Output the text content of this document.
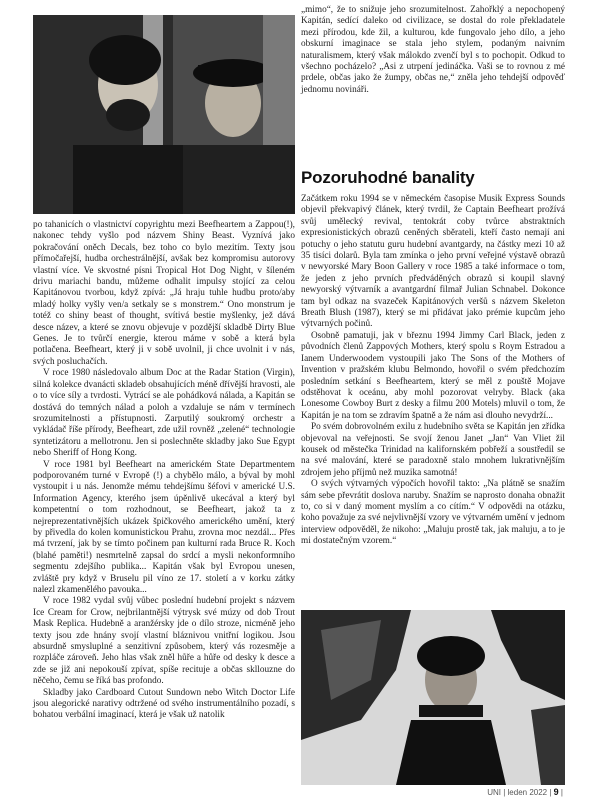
po tahanicích o vlastnictví copyrightu mezi Beefheartem a Zappou(!), nakonec tehdy vyšlo pod názvem Shiny Beast. Vyznívá jako pokračování oněch Decals, bez toho co bylo mezitím. Texty jsou přímočařejší, hudba orchestrálnější, avšak bez kompromisu autorovy vlastní více. Ve skvostné písni Tropical Hot Dog Night, v šíleném drivu mariachi bandu, můžeme odhalit impulsy stojící za celou Kapitánovou tvorbou, když zpívá: „Já hraju tuhle hudbu proto/aby mladý holky vyšly ven/a setkaly se s monstrem.“ Ono monstrum je totéž co shiny beast of thought, svítivá bestie myšlenky, jež dává desce název, a které se znovu objevuje v pozdější skladbě Dirty Blue Genes. Je to tvůrčí energie, kterou máme v sobě a která byla potlačena. Beefheart, který ji v sobě uvolnil, ji chce uvolnit i v nás, svých posluchačích.

V roce 1980 následovalo album Doc at the Radar Station (Virgin), silná kolekce dvanácti skladeb obsahujících méně dřívější hravosti, ale o to více síly a tvrdosti. Vytrácí se ale pohádková nálada, a Kapitán se dostává do temných nálad a poloh a vzdaluje se nám v termínech srozumitelnosti a přístupnosti. Zarputilý soukromý orchestr a vykládač říše přírody, Beefheart, zde užil rovněž „zelené“ technologie syntetizátoru a mellotronu. Jen si poslechněte skladby jako Sue Egypt nebo Sheriff of Hong Kong.

V roce 1981 byl Beefheart na americkém State Departmentem podporovaném turné v Evropě (!) a chybělo málo, a býval by mohl vystoupit i u nás. Jenomže mému tehdejšímu šéfovi v americké U.S. Information Agency, kterého jsem úpěnlivě ukecával a který byl kompetentní o tom rozhodnout, se Beefheart, jakož ta z nejreprezentativnějších ukázek špičkového amerického umění, který by přivedla do kolen komunistickou Prahu, zrovna moc nezdál... Přes má tvrzení, jak by se tímto počinem pan kulturní rada Bruce R. Koch (blahé paměti!) nesmrtelně zapsal do srdcí a mysli nekonformního segmentu zdejšího publika... Kapitán však byl Evropou unesen, zvláště pry když v Bruselu pil víno ze 17. století a v korku zátky nalezl zkamenělého pavouka...

V roce 1982 vydal svůj vůbec poslední hudební projekt s názvem Ice Cream for Crow, nejbrilantnější výtrysk své múzy od dob Trout Mask Replica. Hudebně a aranžérsky jde o dílo stroze, nicméně jeho texty jsou zde hnány svojí vlastní bláznivou vnitřní logikou. Jsou absurdně smysluplné a senzitivní způsobem, který vás rozesměje a rozpláče zároveň. Jeho hlas však zněl hůře a hůře od desky k desce a zde se již ani nepokouší zpívat, spíše recituje a občas skllouzne do něčeho, čemu se říká bas profondo.

Skladby jako Cardboard Cutout Sundown nebo Witch Doctor Life jsou alegorické narativy odtržené od svého instrumentálního pozadí, s bohatou verbální imaginací, která je však už natolik

„mimo“, že to snižuje jeho srozumitelnost. Zahořklý a nepochopený Kapitán, sedící daleko od civilizace, se dostal do role překladatele mezi přírodou, kde žil, a kulturou, kde fungovalo jeho dílo, a jeho obskurní imaginace se stala jeho stylem, podaným naivním naturalismem, který však málokdo zvenčí byl s to pochopit. Odkud to všechno pocházelo? „Asi z utrpení jedináčka. Vaši se to rovnou z mé prdele, občas jako že žumpy, občas ne,“ zněla jeho tehdejší odpověď jednomu novináři.

Pozoruhodné banality

Začátkem roku 1994 se v německém časopise Musik Express Sounds objevil překvapivý článek, který tvrdil, že Captain Beefheart prožívá svůj umělecký revival, tentokrát coby tvůrce abstraktních expresionistických obrazů ceněných sběrateli, kteří často nemají ani potuchy o jeho statutu guru hudební avantgardy, na částky mezi 10 až 35 tisíci dolarů. Byla tam zmínka o jeho první veřejné výstavě obrazů v newyorské Mary Boon Gallery v roce 1985 a také informace o tom, že jeden z jeho prvních předváděných obrazů si koupil slavný newyorský výtvarník a avantgardní filmař Julian Schnabel. Dokonce tam byl odkaz na svazeček Kapitánových veršů s názvem Skeleton Breath Blush (1987), který se mi přidávat jako prémie kupcům jeho výtvarných počinů.

Osobně pamatuji, jak v březnu 1994 Jimmy Carl Black, jeden z původních členů Zappových Mothers, který spolu s Roym Estradou a Ianem Underwoodem vystoupili jako The Sons of the Mothers of Invention v pražském klubu Belmondo, hovořil o svém předchozím posledním setkání s Beefheartem, který se měl z pouště Mojave odstěhovat k oceánu, aby mohl pozorovat velryby. Black (aka Lonesome Cowboy Burt z desky a filmu 200 Motels) mluvil o tom, že Kapitán je na tom se zdravím špatně a že nám asi dlouho nevydrží...

Po svém dobrovolném exilu z hudebního světa se Kapitán jen zřídka objevoval na veřejnosti. Se svojí ženou Janet „Jan“ Van Vliet žil kousek od městečka Trinidad na kalifornském pobřeží a soustředil se na své malování, které se paradoxně stalo mnohem lukrativnějším zdrojem jeho příjmů než muzika samotná!

O svých výtvarných výpočích hovořil takto: „Na plátně se snažím sám sebe převrátit doslova naruby. Snažím se naprosto donaha obnažit to, co si v daný moment myslím a co cítím.“ V odpovědi na otázku, koho považuje za své nejvlivnější vzory ve výtvarném umění v jednom interview odpověděl, že nikoho: „Maluju prostě tak, jak maluju, a to je mi dostatečným vzorem.“

UNI | leden 2022 | 9 |
